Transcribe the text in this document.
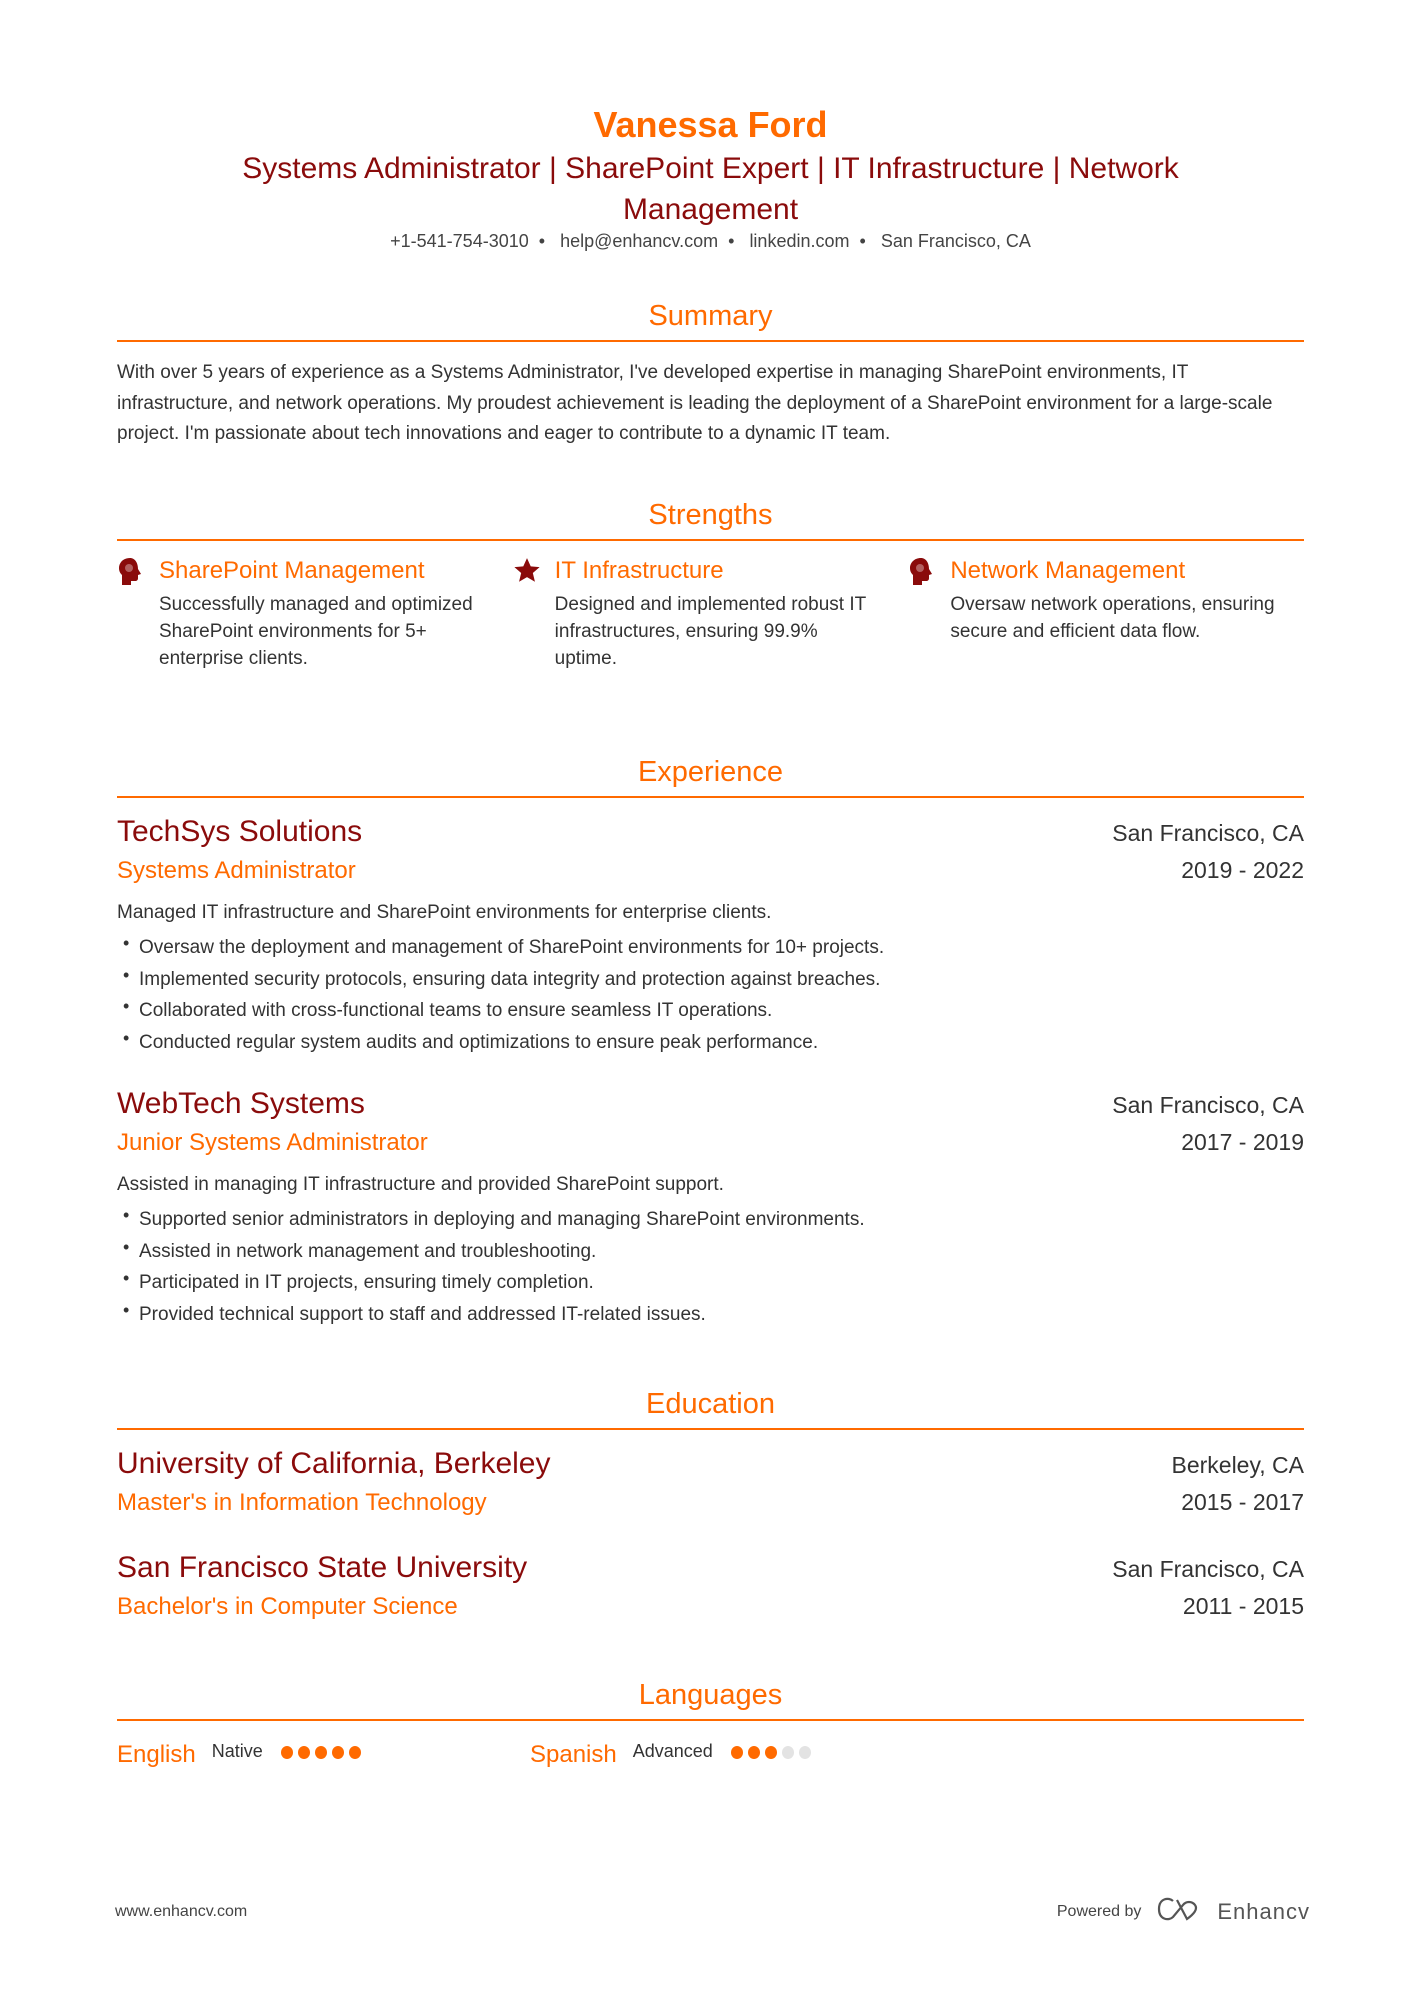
Vanessa Ford
Systems Administrator | SharePoint Expert | IT Infrastructure | Network Management
+1-541-754-3010 • help@enhancv.com • linkedin.com • San Francisco, CA
Summary

With over 5 years of experience as a Systems Administrator, I've developed expertise in managing SharePoint environments, IT infrastructure, and network operations. My proudest achievement is leading the deployment of a SharePoint environment for a large-scale project. I'm passionate about tech innovations and eager to contribute to a dynamic IT team.

Strengths
SharePoint Management
Successfully managed and optimized SharePoint environments for 5+ enterprise clients.
IT Infrastructure
Designed and implemented robust IT infrastructures, ensuring 99.9% uptime.
Network Management
Oversaw network operations, ensuring secure and efficient data flow.
Experience
TechSys Solutions	San Francisco, CA
Systems Administrator	2019 - 2022

Managed IT infrastructure and SharePoint environments for enterprise clients.

• Oversaw the deployment and management of SharePoint environments for 10+ projects.
• Implemented security protocols, ensuring data integrity and protection against breaches.
• Collaborated with cross-functional teams to ensure seamless IT operations.
• Conducted regular system audits and optimizations to ensure peak performance.
WebTech Systems	San Francisco, CA
Junior Systems Administrator	2017 - 2019

Assisted in managing IT infrastructure and provided SharePoint support.

• Supported senior administrators in deploying and managing SharePoint environments.
• Assisted in network management and troubleshooting.
• Participated in IT projects, ensuring timely completion.
• Provided technical support to staff and addressed IT-related issues.
Education
University of California, Berkeley	Berkeley, CA
Master's in Information Technology	2015 - 2017
San Francisco State University	San Francisco, CA
Bachelor's in Computer Science	2011 - 2015
Languages
English Native	Spanish Advanced
www.enhancv.com	Powered by	Enhancv
